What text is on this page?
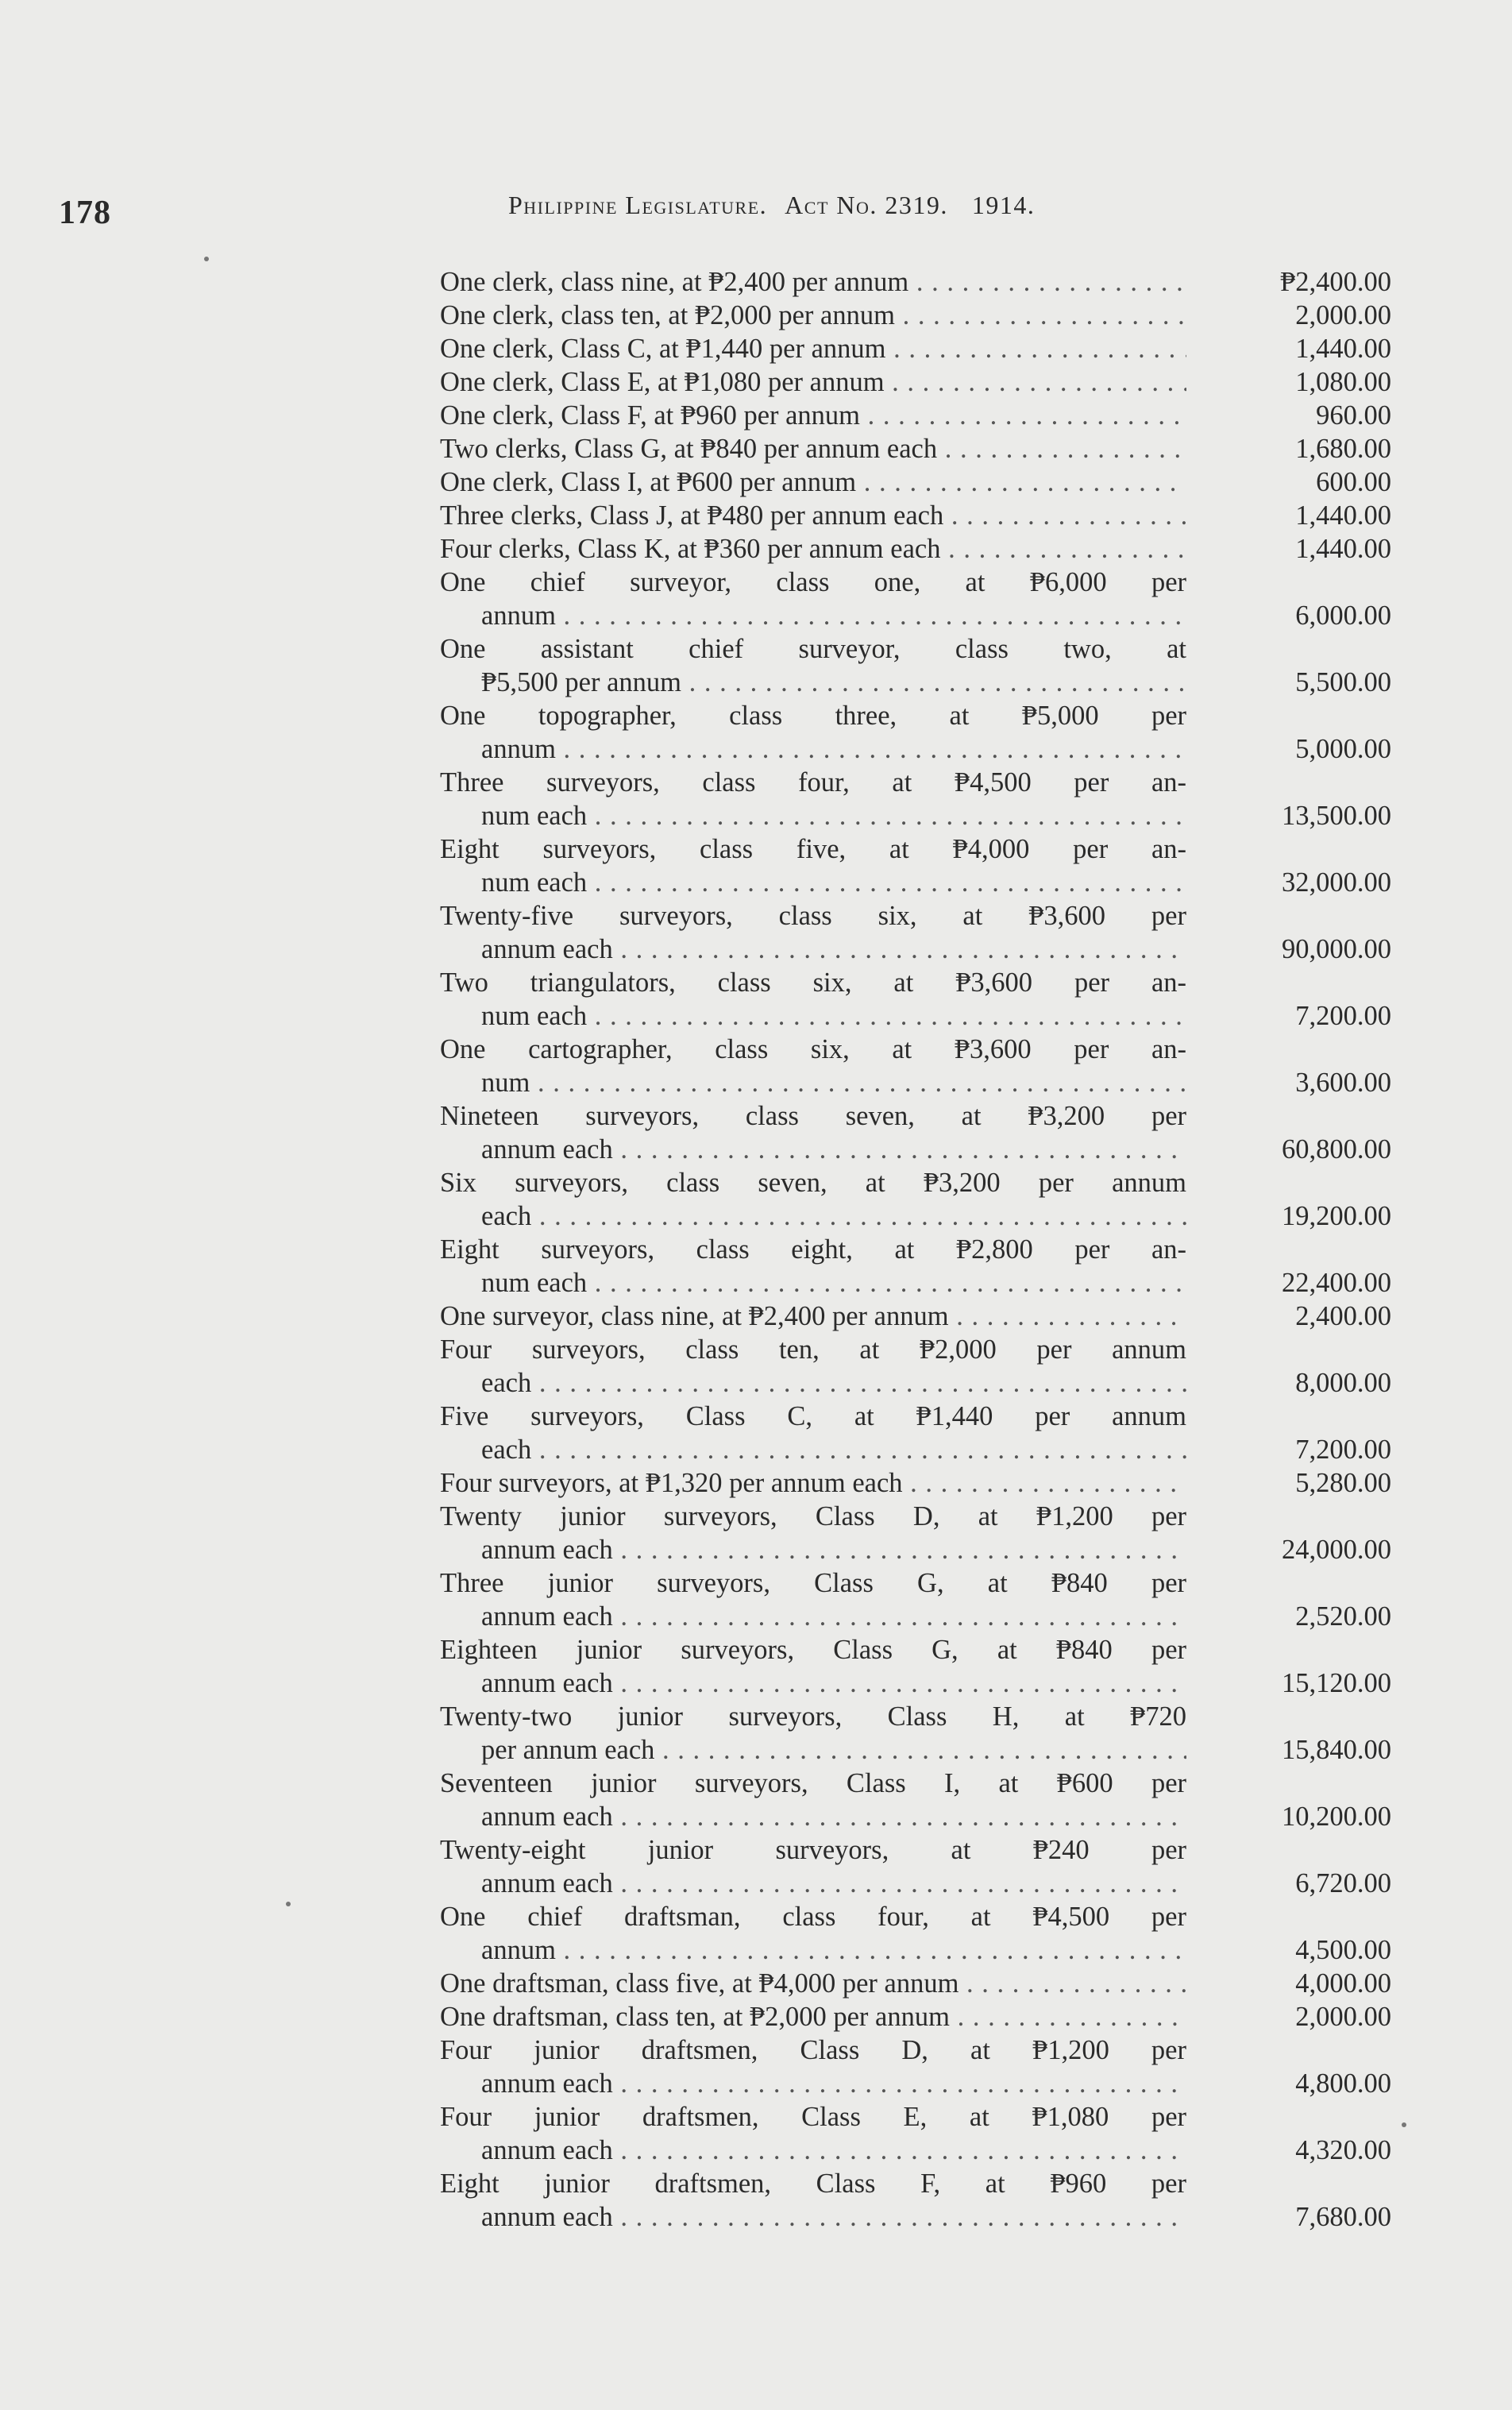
178	Philippine Legislature. Act No. 2319. 1914.
One clerk, class nine, at ₱2,400 per annum . . .	₱2,400.00
One clerk, class ten, at ₱2,000 per annum . . .	2,000.00
One clerk, Class C, at ₱1,440 per annum . . .	1,440.00
One clerk, Class E, at ₱1,080 per annum . . .	1,080.00
One clerk, Class F, at ₱960 per annum . . .	960.00
Two clerks, Class G, at ₱840 per annum each . . .	1,680.00
One clerk, Class I, at ₱600 per annum . . .	600.00
Three clerks, Class J, at ₱480 per annum each . . .	1,440.00
Four clerks, Class K, at ₱360 per annum each . . .	1,440.00
One chief surveyor, class one, at ₱6,000 per
annum . . .	6,000.00
One assistant chief surveyor, class two, at
₱5,500 per annum . . .	5,500.00
One topographer, class three, at ₱5,000 per
annum . . .	5,000.00
Three surveyors, class four, at ₱4,500 per an-
num each . . .	13,500.00
Eight surveyors, class five, at ₱4,000 per an-
num each . . .	32,000.00
Twenty-five surveyors, class six, at ₱3,600 per
annum each . . .	90,000.00
Two triangulators, class six, at ₱3,600 per an-
num each . . .	7,200.00
One cartographer, class six, at ₱3,600 per an-
num . . .	3,600.00
Nineteen surveyors, class seven, at ₱3,200 per
annum each . . .	60,800.00
Six surveyors, class seven, at ₱3,200 per annum
each . . .	19,200.00
Eight surveyors, class eight, at ₱2,800 per an-
num each . . .	22,400.00
One surveyor, class nine, at ₱2,400 per annum . . .	2,400.00
Four surveyors, class ten, at ₱2,000 per annum
each . . .	8,000.00
Five surveyors, Class C, at ₱1,440 per annum
each . . .	7,200.00
Four surveyors, at ₱1,320 per annum each . . .	5,280.00
Twenty junior surveyors, Class D, at ₱1,200 per
annum each . . .	24,000.00
Three junior surveyors, Class G, at ₱840 per
annum each . . .	2,520.00
Eighteen junior surveyors, Class G, at ₱840 per
annum each . . .	15,120.00
Twenty-two junior surveyors, Class H, at ₱720
per annum each . . .	15,840.00
Seventeen junior surveyors, Class I, at ₱600 per
annum each . . .	10,200.00
Twenty-eight junior surveyors, at ₱240 per
annum each . . .	6,720.00
One chief draftsman, class four, at ₱4,500 per
annum . . .	4,500.00
One draftsman, class five, at ₱4,000 per annum . . .	4,000.00
One draftsman, class ten, at ₱2,000 per annum . . .	2,000.00
Four junior draftsmen, Class D, at ₱1,200 per
annum each . . .	4,800.00
Four junior draftsmen, Class E, at ₱1,080 per
annum each . . .	4,320.00
Eight junior draftsmen, Class F, at ₱960 per
annum each . . .	7,680.00
